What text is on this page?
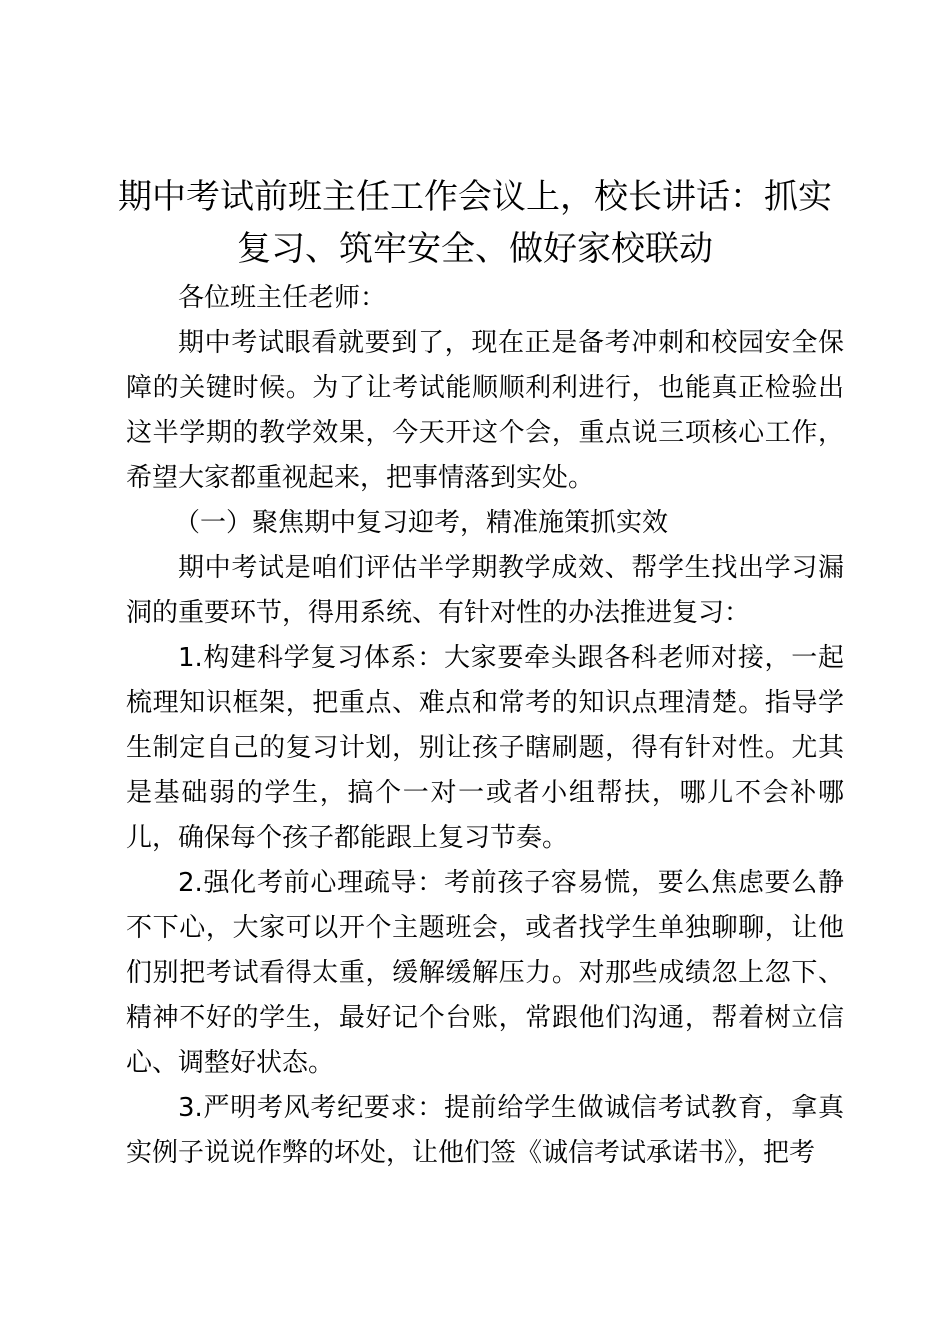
期中考试前班主任工作会议上，校长讲话：抓实复习、筑牢安全、做好家校联动

各位班主任老师：

期中考试眼看就要到了，现在正是备考冲刺和校园安全保障的关键时候。为了让考试能顺顺利利进行，也能真正检验出这半学期的教学效果，今天开这个会，重点说三项核心工作，希望大家都重视起来，把事情落到实处。

（一）聚焦期中复习迎考，精准施策抓实效

期中考试是咱们评估半学期教学成效、帮学生找出学习漏洞的重要环节，得用系统、有针对性的办法推进复习：

1.构建科学复习体系：大家要牵头跟各科老师对接，一起梳理知识框架，把重点、难点和常考的知识点理清楚。指导学生制定自己的复习计划，别让孩子瞎刷题，得有针对性。尤其是基础弱的学生，搞个一对一或者小组帮扶，哪儿不会补哪儿，确保每个孩子都能跟上复习节奏。

2.强化考前心理疏导：考前孩子容易慌，要么焦虑要么静不下心，大家可以开个主题班会，或者找学生单独聊聊，让他们别把考试看得太重，缓解缓解压力。对那些成绩忽上忽下、精神不好的学生，最好记个台账，常跟他们沟通，帮着树立信心、调整好状态。

3.严明考风考纪要求：提前给学生做诚信考试教育，拿真实例子说说作弊的坏处，让他们签《诚信考试承诺书》，把考
